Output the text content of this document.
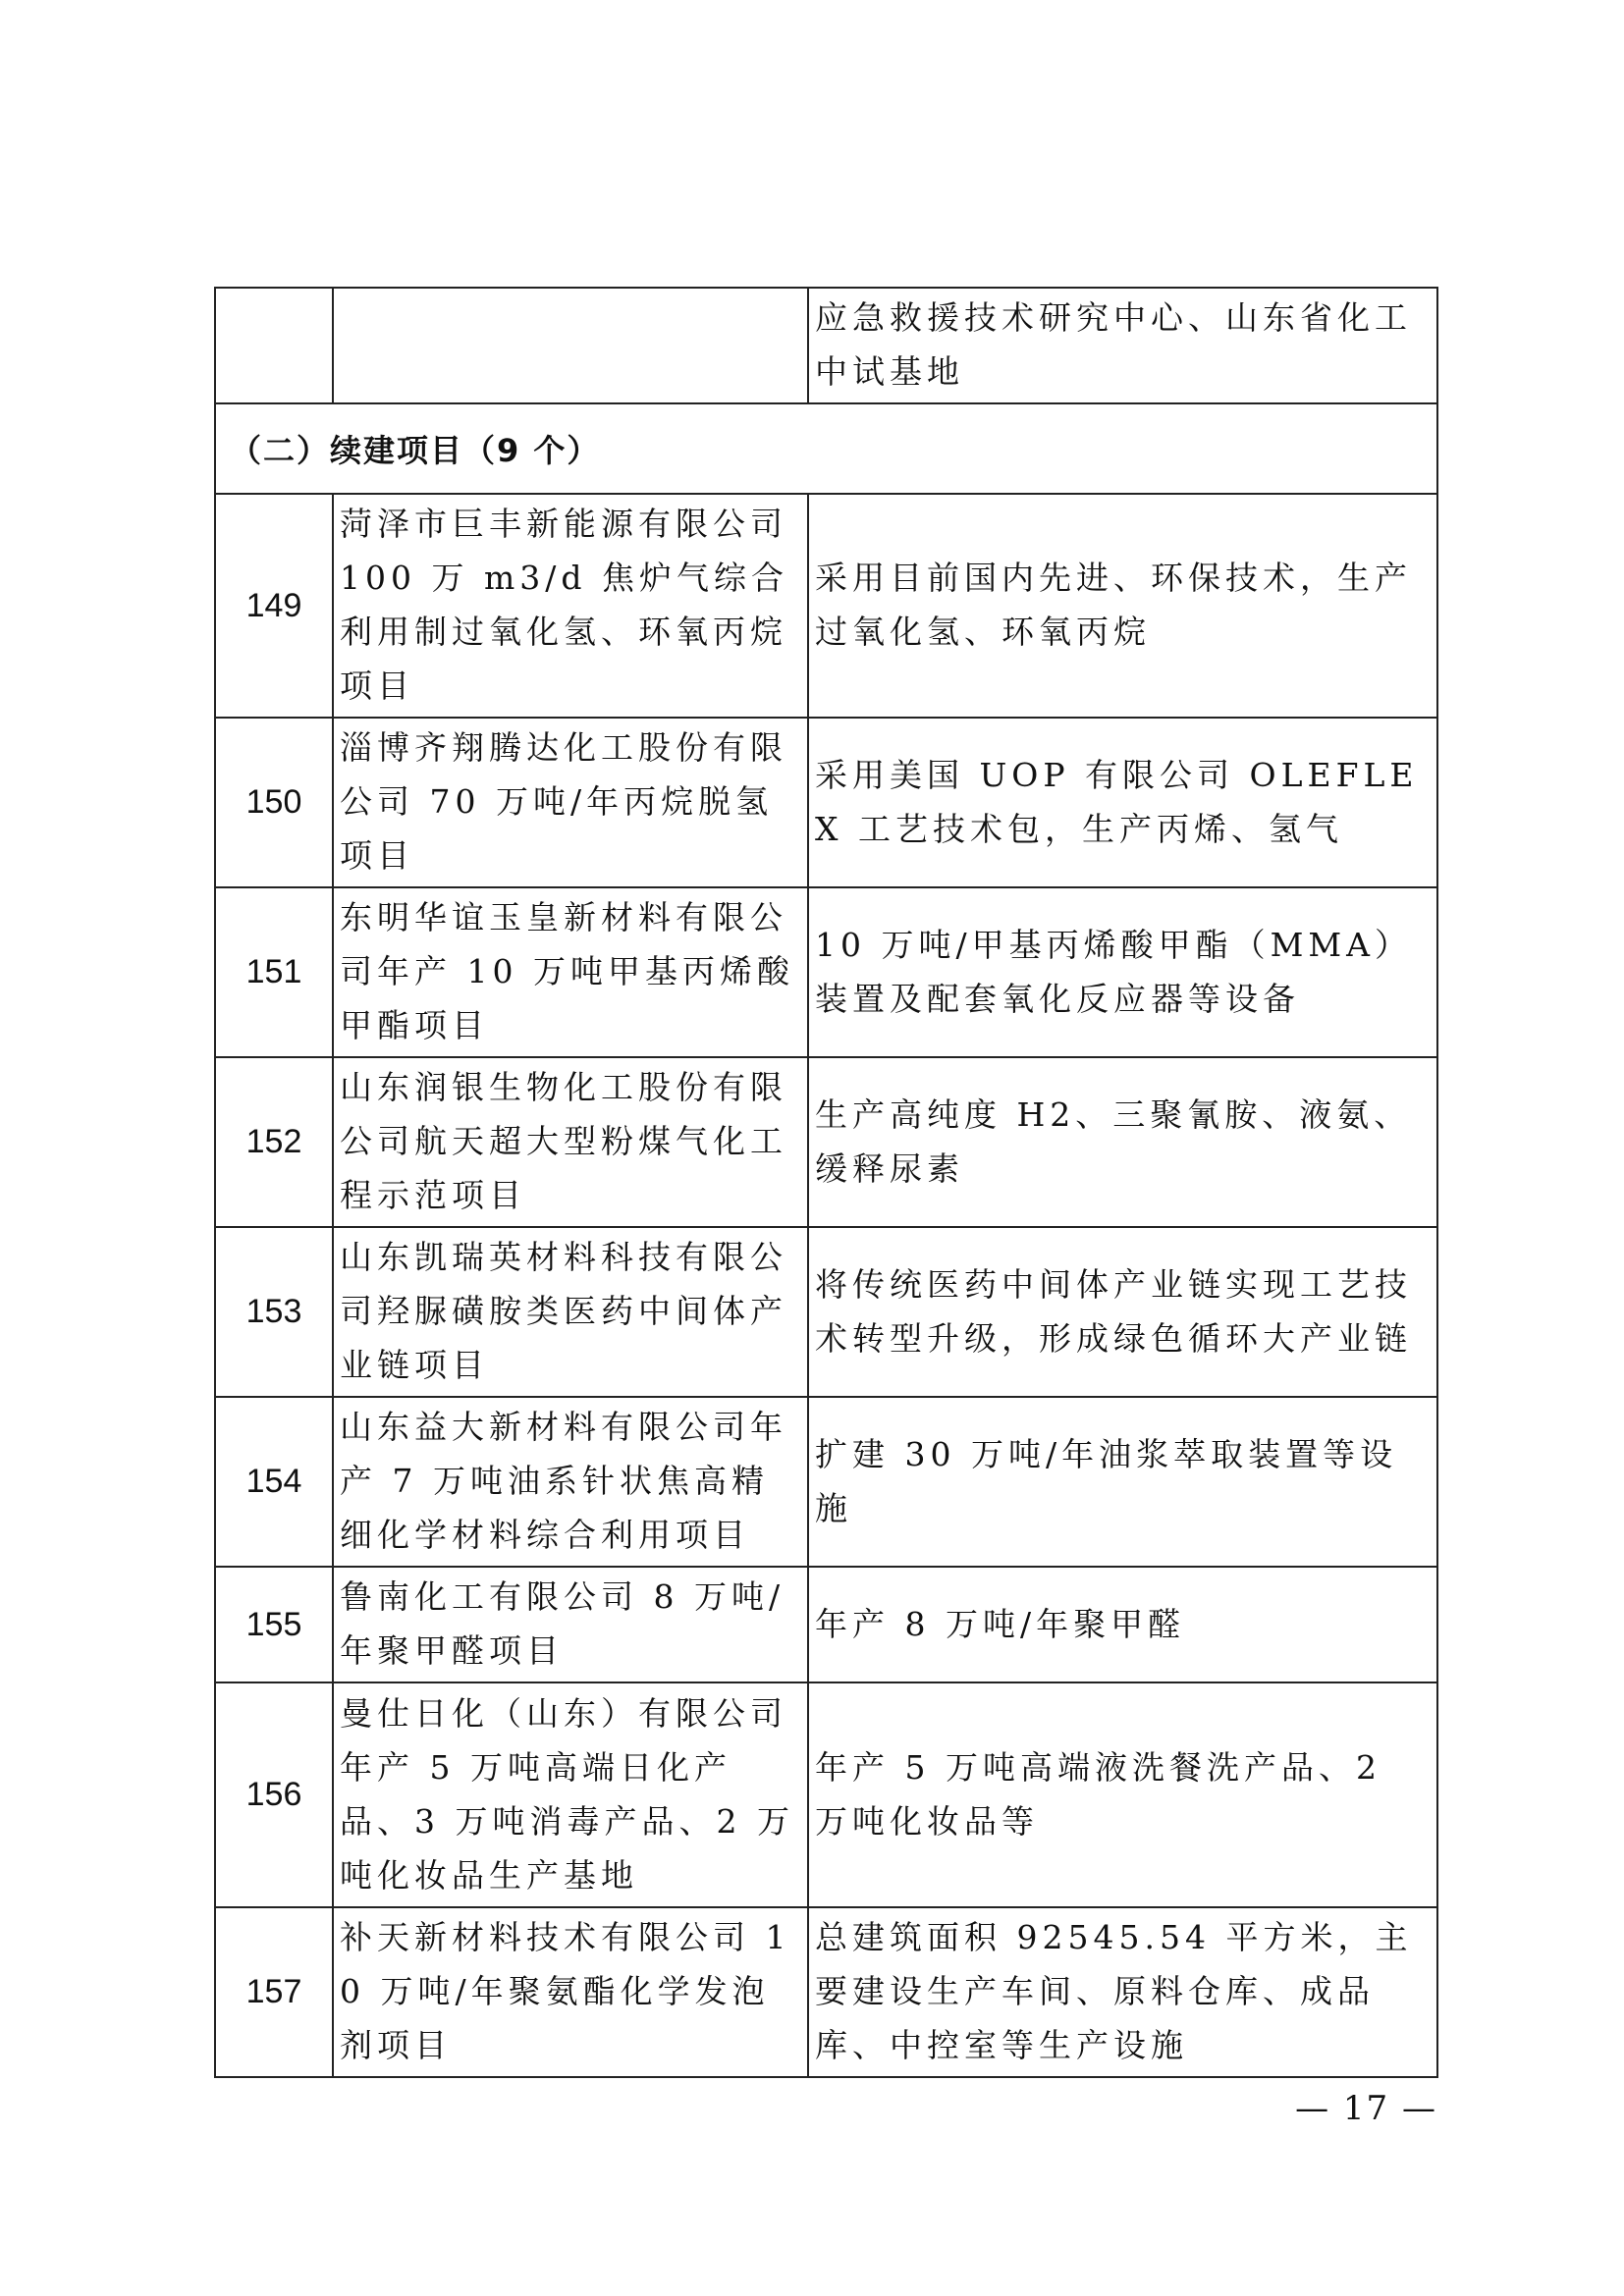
		应急救援技术研究中心、山东省化工中试基地
（二）续建项目（9 个）		
149	菏泽市巨丰新能源有限公司100 万 m3/d 焦炉气综合利用制过氧化氢、环氧丙烷项目	采用目前国内先进、环保技术，生产过氧化氢、环氧丙烷
150	淄博齐翔腾达化工股份有限公司 70 万吨/年丙烷脱氢项目	采用美国 UOP 有限公司 OLEFLEX 工艺技术包，生产丙烯、氢气
151	东明华谊玉皇新材料有限公司年产 10 万吨甲基丙烯酸甲酯项目	10 万吨/甲基丙烯酸甲酯（MMA）装置及配套氧化反应器等设备
152	山东润银生物化工股份有限公司航天超大型粉煤气化工程示范项目	生产高纯度 H2、三聚氰胺、液氨、缓释尿素
153	山东凯瑞英材料科技有限公司羟脲磺胺类医药中间体产业链项目	将传统医药中间体产业链实现工艺技术转型升级，形成绿色循环大产业链
154	山东益大新材料有限公司年产 7 万吨油系针状焦高精细化学材料综合利用项目	扩建 30 万吨/年油浆萃取装置等设施
155	鲁南化工有限公司 8 万吨/年聚甲醛项目	年产 8 万吨/年聚甲醛
156	曼仕日化（山东）有限公司年产 5 万吨高端日化产品、3 万吨消毒产品、2 万吨化妆品生产基地	年产 5 万吨高端液洗餐洗产品、2 万吨化妆品等
157	补天新材料技术有限公司 10 万吨/年聚氨酯化学发泡剂项目	总建筑面积 92545.54 平方米，主要建设生产车间、原料仓库、成品库、中控室等生产设施
— 17 —
